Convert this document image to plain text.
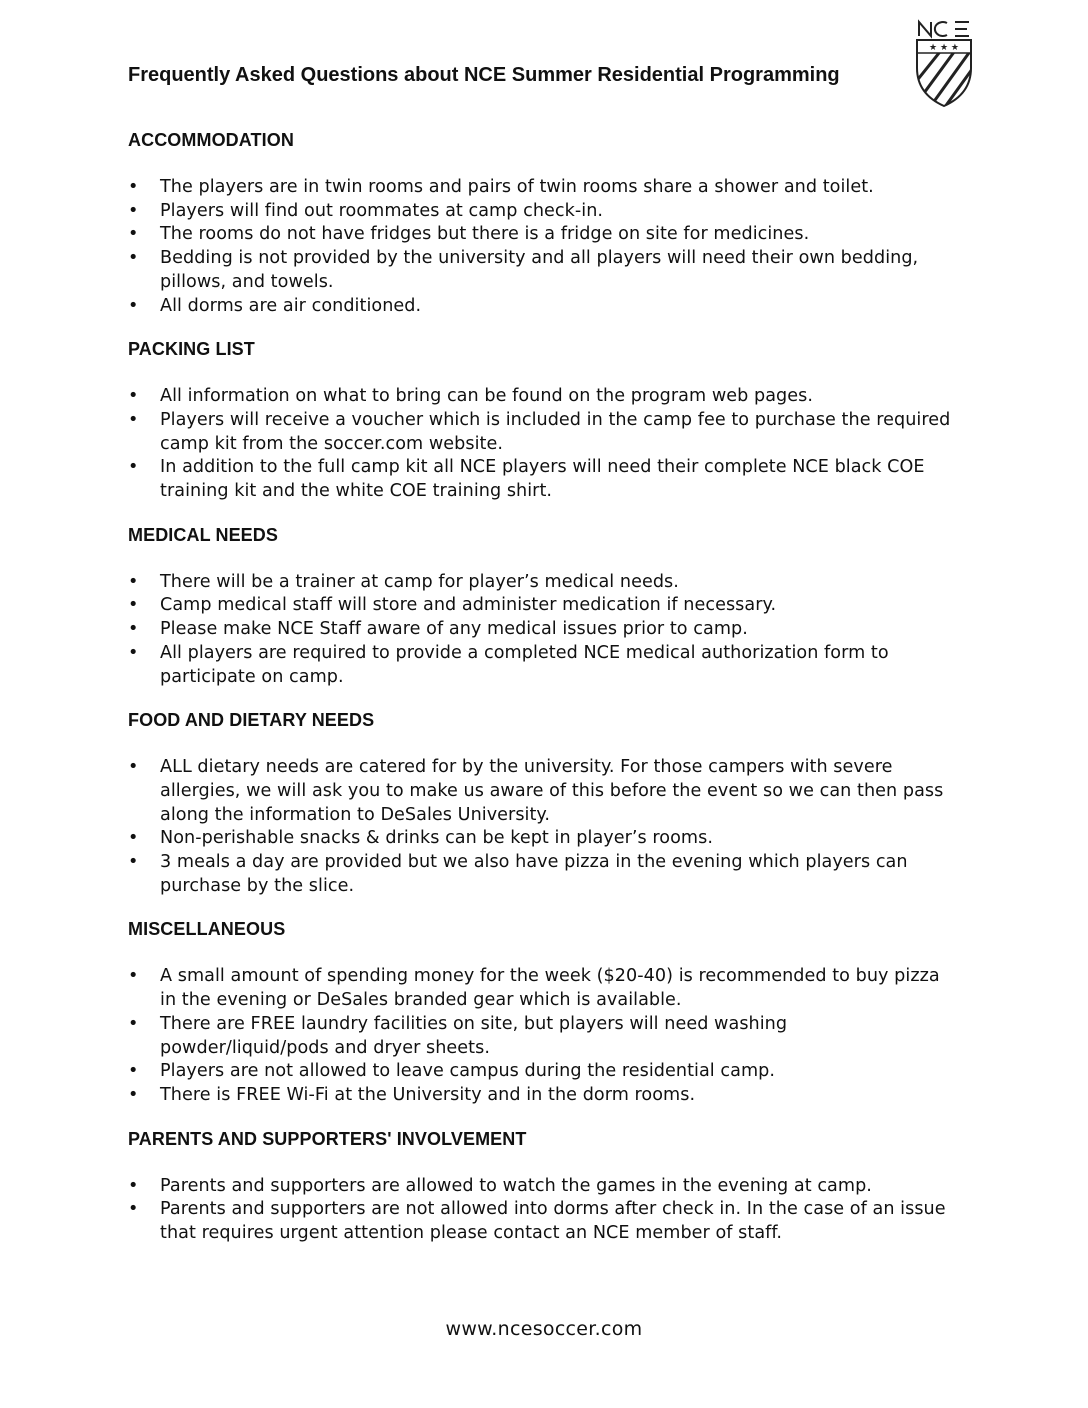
Frequently Asked Questions about NCE Summer Residential Programming
★ ★ ★
ACCOMMODATION
•	The players are in twin rooms and pairs of twin rooms share a shower and toilet.
•	Players will find out roommates at camp check-in.
•	The rooms do not have fridges but there is a fridge on site for medicines.
•	Bedding is not provided by the university and all players will need their own bedding, pillows, and towels.
•	All dorms are air conditioned.
PACKING LIST
•	All information on what to bring can be found on the program web pages.
•	Players will receive a voucher which is included in the camp fee to purchase the required camp kit from the soccer.com website.
•	In addition to the full camp kit all NCE players will need their complete NCE black COE training kit and the white COE training shirt.
MEDICAL NEEDS
•	There will be a trainer at camp for player’s medical needs.
•	Camp medical staff will store and administer medication if necessary.
•	Please make NCE Staff aware of any medical issues prior to camp.
•	All players are required to provide a completed NCE medical authorization form to participate on camp.
FOOD AND DIETARY NEEDS
•	ALL dietary needs are catered for by the university. For those campers with severe allergies, we will ask you to make us aware of this before the event so we can then pass along the information to DeSales University.
•	Non-perishable snacks & drinks can be kept in player’s rooms.
•	3 meals a day are provided but we also have pizza in the evening which players can purchase by the slice.
MISCELLANEOUS
•	A small amount of spending money for the week ($20-40) is recommended to buy pizza in the evening or DeSales branded gear which is available.
•	There are FREE laundry facilities on site, but players will need washing powder/liquid/pods and dryer sheets.
•	Players are not allowed to leave campus during the residential camp.
•	There is FREE Wi-Fi at the University and in the dorm rooms.
PARENTS AND SUPPORTERS' INVOLVEMENT
•	Parents and supporters are allowed to watch the games in the evening at camp.
•	Parents and supporters are not allowed into dorms after check in. In the case of an issue that requires urgent attention please contact an NCE member of staff.
www.ncesoccer.com
